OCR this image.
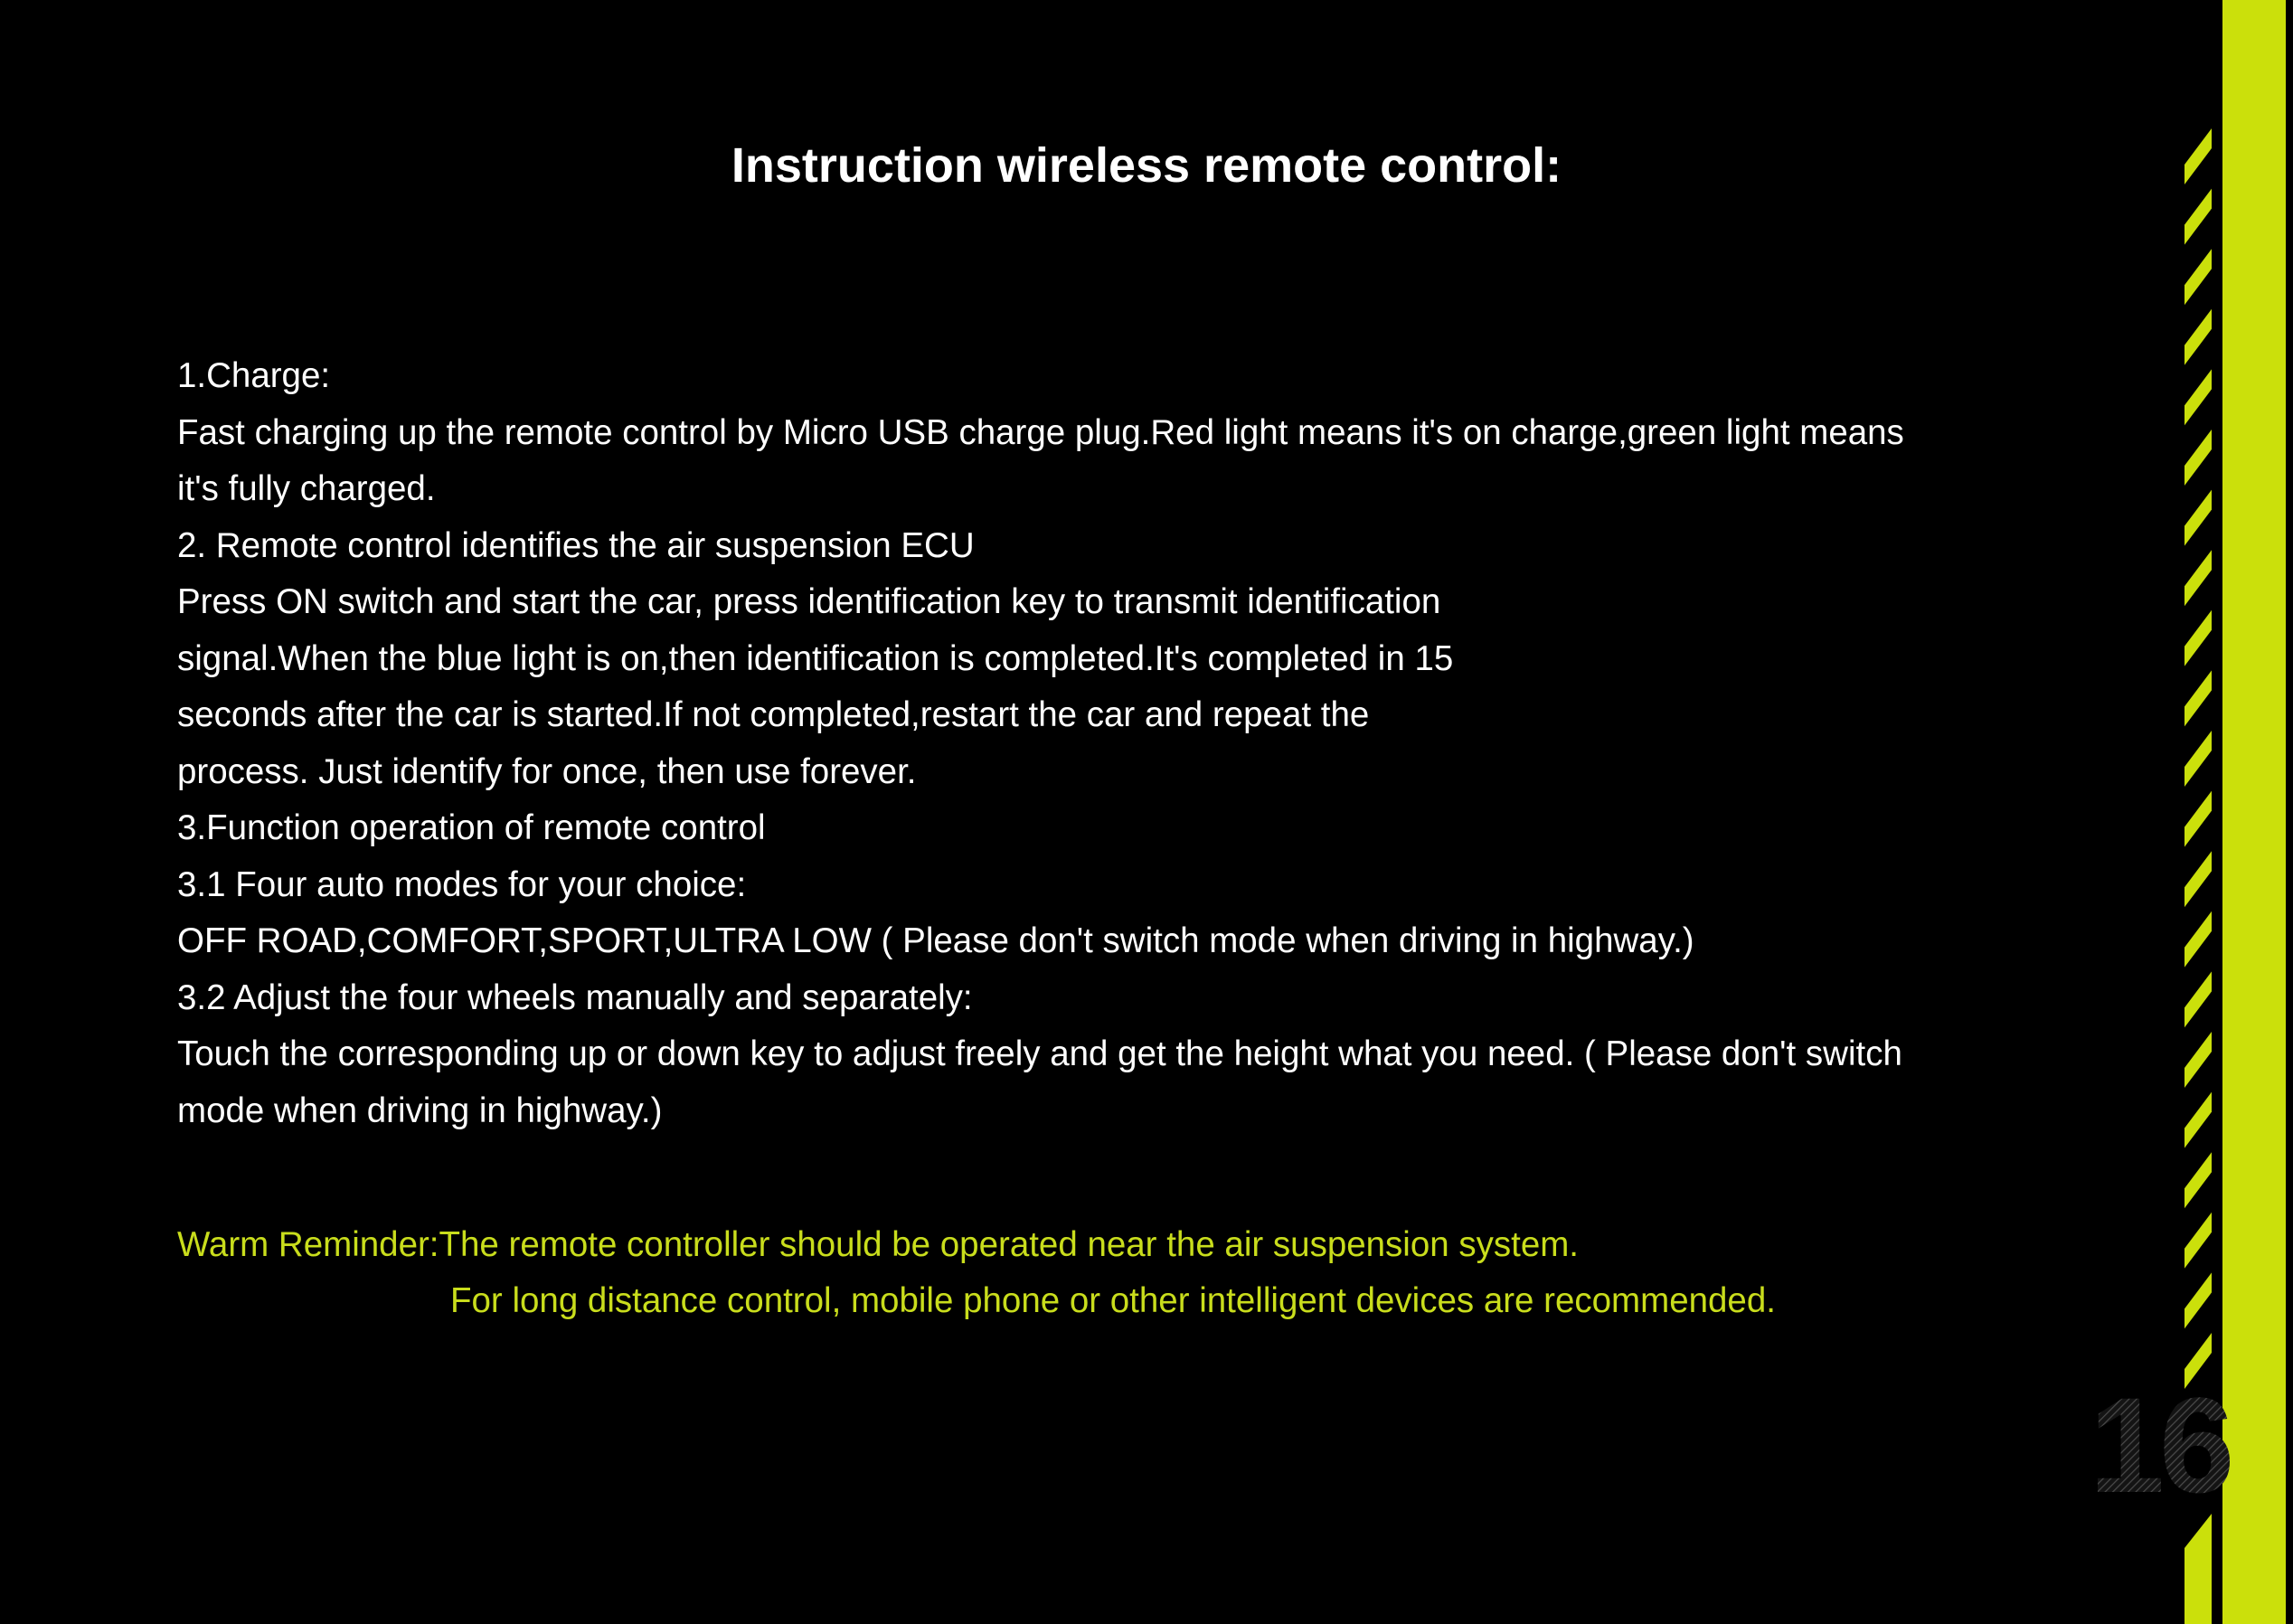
Instruction wireless remote control:
1.Charge:
Fast charging up the remote control by Micro USB charge plug.Red light means it's on charge,green light means
it's fully charged.
2. Remote control identifies the air suspension ECU
Press ON switch and start the car, press identification key to transmit identification
signal.When the blue light is on,then identification is completed.It's completed in 15
seconds after the car is started.If not completed,restart the car and repeat the
process. Just identify for once, then use forever.
3.Function operation of remote control
3.1 Four auto modes for your choice:
OFF ROAD,COMFORT,SPORT,ULTRA LOW ( Please don't switch mode when driving in highway.)
3.2 Adjust the four wheels manually and separately:
Touch the corresponding up or down key to adjust freely and get the height what you need. ( Please don't switch
mode when driving in highway.)
Warm Reminder:The remote controller should be operated near the air suspension system.
For long distance control, mobile phone or other intelligent devices are recommended.
16
